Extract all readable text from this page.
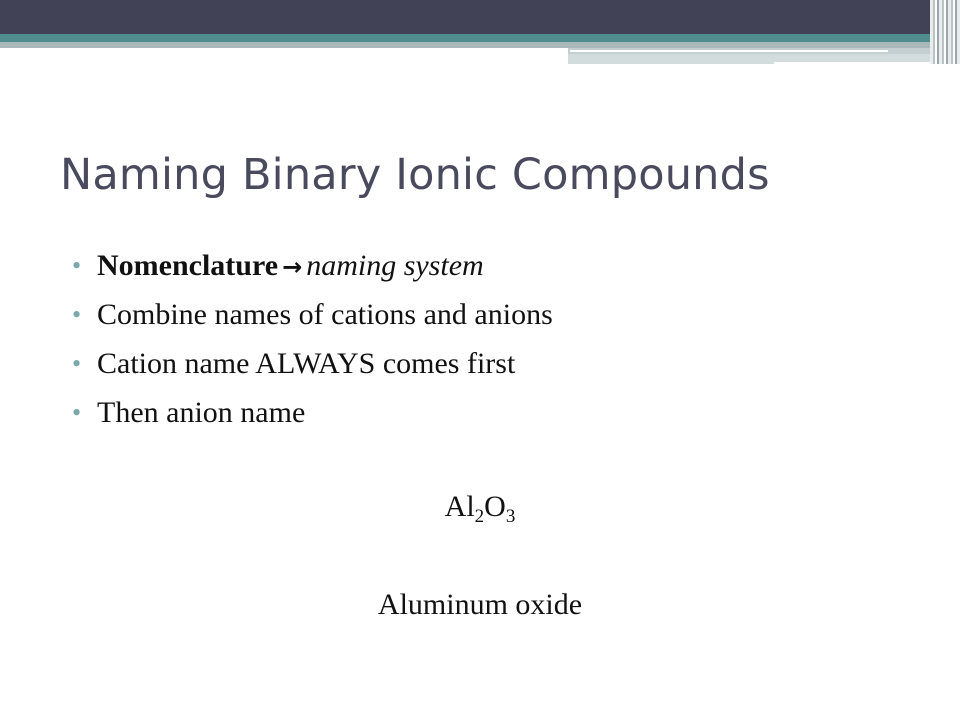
Naming Binary Ionic Compounds
• Nomenclature → naming system
• Combine names of cations and anions
• Cation name ALWAYS comes first
• Then anion name
$Al_2O_3$
Aluminum oxide
